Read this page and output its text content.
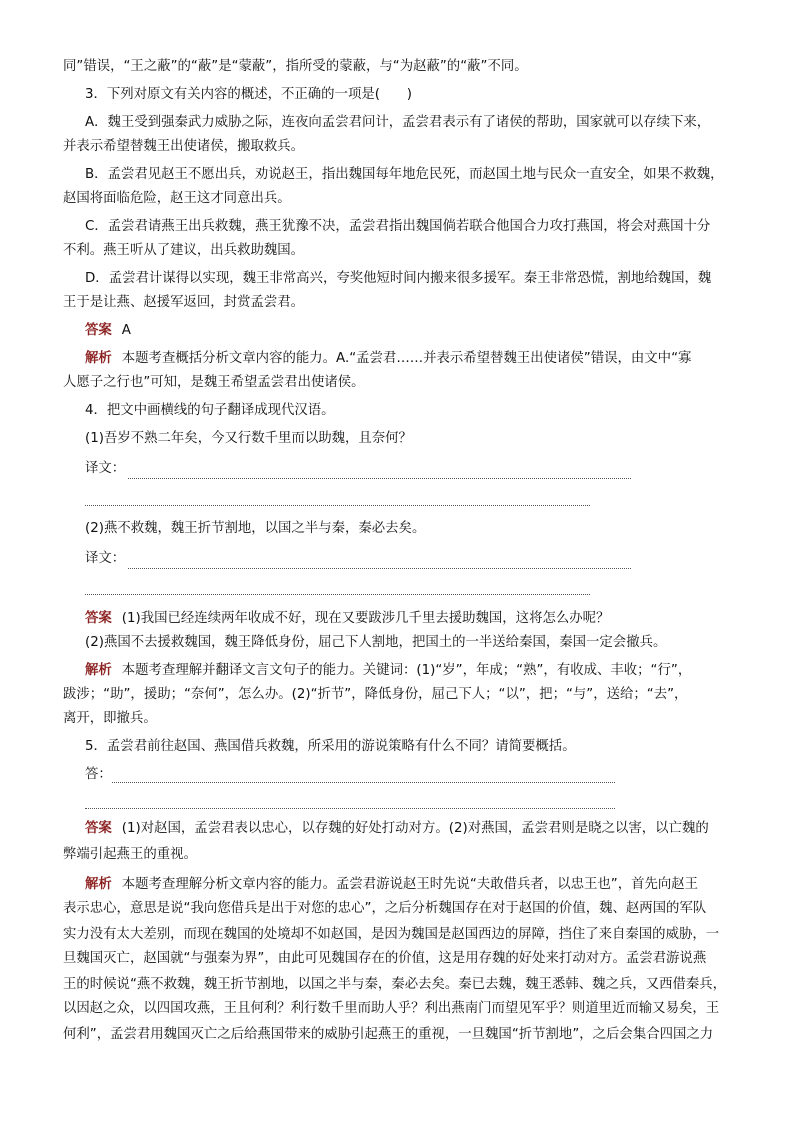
同”错误，“王之蔽”的“蔽”是“蒙蔽”，指所受的蒙蔽，与“为赵蔽”的“蔽”不同。
3．下列对原文有关内容的概述，不正确的一项是(　　)
A．魏王受到强秦武力威胁之际，连夜向孟尝君问计，孟尝君表示有了诸侯的帮助，国家就可以存续下来，
并表示希望替魏王出使诸侯，搬取救兵。
B．孟尝君见赵王不愿出兵，劝说赵王，指出魏国每年地危民死，而赵国土地与民众一直安全，如果不救魏，
赵国将面临危险，赵王这才同意出兵。
C．孟尝君请燕王出兵救魏，燕王犹豫不决，孟尝君指出魏国倘若联合他国合力攻打燕国，将会对燕国十分
不利。燕王听从了建议，出兵救助魏国。
D．孟尝君计谋得以实现，魏王非常高兴，夸奖他短时间内搬来很多援军。秦王非常恐慌，割地给魏国，魏
王于是让燕、赵援军返回，封赏孟尝君。
答案 A
解析 本题考查概括分析文章内容的能力。A.“孟尝君……并表示希望替魏王出使诸侯”错误，由文中“寡
人愿子之行也”可知，是魏王希望孟尝君出使诸侯。
4．把文中画横线的句子翻译成现代汉语。
(1)吾岁不熟二年矣，今又行数千里而以助魏，且奈何？
译文：
(2)燕不救魏，魏王折节割地，以国之半与秦，秦必去矣。
译文：
答案 (1)我国已经连续两年收成不好，现在又要跋涉几千里去援助魏国，这将怎么办呢？
(2)燕国不去援救魏国，魏王降低身份，屈己下人割地，把国土的一半送给秦国，秦国一定会撤兵。
解析 本题考查理解并翻译文言文句子的能力。关键词：(1)“岁”，年成；“熟”，有收成、丰收；“行”，
跋涉；“助”，援助；“奈何”，怎么办。(2)“折节”，降低身份，屈己下人；“以”，把；“与”，送给；“去”，
离开，即撤兵。
5．孟尝君前往赵国、燕国借兵救魏，所采用的游说策略有什么不同？请简要概括。
答：
答案 (1)对赵国，孟尝君表以忠心，以存魏的好处打动对方。(2)对燕国，孟尝君则是晓之以害，以亡魏的
弊端引起燕王的重视。
解析 本题考查理解分析文章内容的能力。孟尝君游说赵王时先说“夫敢借兵者，以忠王也”，首先向赵王
表示忠心，意思是说“我向您借兵是出于对您的忠心”，之后分析魏国存在对于赵国的价值，魏、赵两国的军队
实力没有太大差别，而现在魏国的处境却不如赵国，是因为魏国是赵国西边的屏障，挡住了来自秦国的威胁，一
旦魏国灭亡，赵国就“与强秦为界”，由此可见魏国存在的价值，这是用存魏的好处来打动对方。孟尝君游说燕
王的时候说“燕不救魏，魏王折节割地，以国之半与秦，秦必去矣。秦已去魏，魏王悉韩、魏之兵，又西借秦兵，
以因赵之众，以四国攻燕，王且何利？利行数千里而助人乎？利出燕南门而望见军乎？则道里近而输又易矣，王
何利”，孟尝君用魏国灭亡之后给燕国带来的威胁引起燕王的重视，一旦魏国“折节割地”，之后会集合四国之力
